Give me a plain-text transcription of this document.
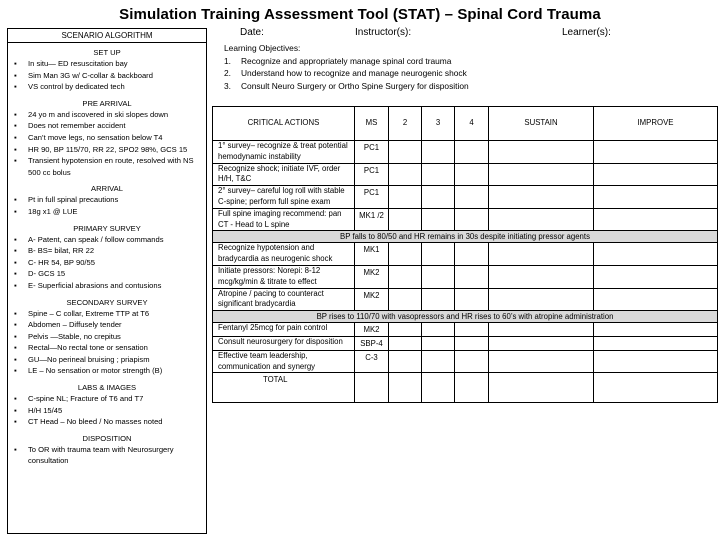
Simulation Training Assessment Tool (STAT) – Spinal Cord Trauma
SCENARIO ALGORITHM
SET UP
▪ In situ— ED resuscitation bay
▪ Sim Man 3G w/ C-collar & backboard
▪ VS control by dedicated tech
PRE ARRIVAL
▪ 24 yo m and iscovered in ski slopes down
▪ Does not remember accident
▪ Can’t move legs, no sensation below T4
▪ HR 90, BP 115/70, RR 22, SPO2 98%, GCS 15
▪ Transient hypotension en route, resolved with NS 500 cc bolus
ARRIVAL
▪ Pt in full spinal precautions
▪ 18g x1 @ LUE
PRIMARY SURVEY
▪ A- Patent, can speak / follow commands
▪ B- BS= bilat, RR 22
▪ C- HR 54, BP 90/55
▪ D- GCS 15
▪ E- Superficial abrasions and contusions
SECONDARY SURVEY
▪ Spine – C collar, Extreme TTP at T6
▪ Abdomen – Diffusely tender
▪ Pelvis —Stable, no crepitus
▪ Rectal—No rectal tone or sensation
▪ GU—No perineal bruising ; priapism
▪ LE – No sensation or motor strength (B)
LABS & IMAGES
▪ C-spine NL; Fracture of T6 and T7
▪ H/H 15/45
▪ CT Head – No bleed / No masses noted
DISPOSITION
▪ To OR with trauma team with Neurosurgery consultation
Date:	Instructor(s):	Learner(s):
Learning Objectives:
1. Recognize and appropriately manage spinal cord trauma
2. Understand how to recognize and manage neurogenic shock
3. Consult Neuro Surgery or Ortho Spine Surgery for disposition
CRITICAL ACTIONS	MS	2	3	4	SUSTAIN	IMPROVE
1° survey– recognize & treat potential hemodynamic instability	PC1					
Recognize shock; initiate IVF, order H/H, T&C	PC1					
2° survey– careful log roll with stable C-spine; perform full spine exam	PC1					
Full spine imaging recommend: pan CT - Head to L spine	MK1 /2					
BP falls to 80/50 and HR remains in 30s despite initiating pressor agents						
Recognize hypotension and bradycardia as neurogenic shock	MK1					
Initiate pressors: Norepi: 8-12 mcg/kg/min & titrate to effect	MK2					
Atropine / pacing to counteract significant bradycardia	MK2					
BP rises to 110/70 with vasopressors and HR rises to 60’s with atropine administration						
Fentanyl 25mcg for pain control	MK2					
Consult neurosurgery for disposition	SBP-4					
Effective team leadership, communication and synergy	C-3					
TOTAL						
